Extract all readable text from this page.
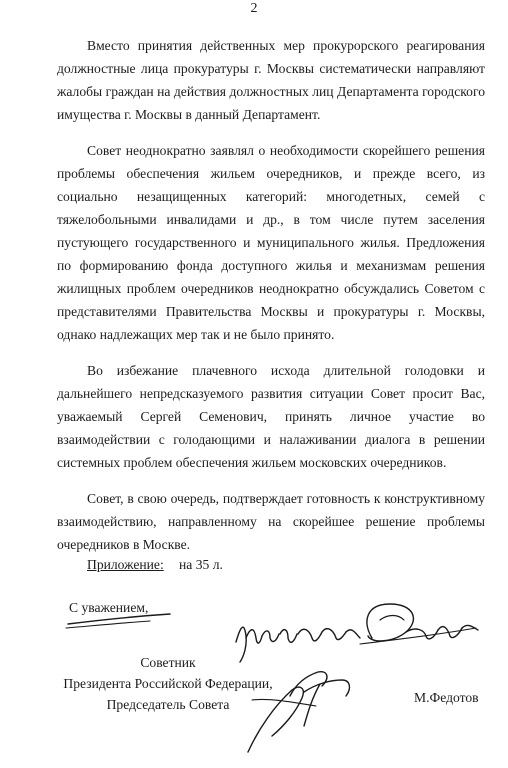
2

Вместо принятия действенных мер прокурорского реагирования должностные лица прокуратуры г. Москвы систематически направляют жалобы граждан на действия должностных лиц Департамента городского имущества г. Москвы в данный Департамент.

Совет неоднократно заявлял о необходимости скорейшего решения проблемы обеспечения жильем очередников, и прежде всего, из социально незащищенных категорий: многодетных, семей с тяжелобольными инвалидами и др., в том числе путем заселения пустующего государственного и муниципального жилья. Предложения по формированию фонда доступного жилья и механизмам решения жилищных проблем очередников неоднократно обсуждались Советом с представителями Правительства Москвы и прокуратуры г. Москвы, однако надлежащих мер так и не было принято.

Во избежание плачевного исхода длительной голодовки и дальнейшего непредсказуемого развития ситуации Совет просит Вас, уважаемый Сергей Семенович, принять личное участие во взаимодействии с голодающими и налаживании диалога в решении системных проблем обеспечения жильем московских очередников.

Совет, в свою очередь, подтверждает готовность к конструктивному взаимодействию, направленному на скорейшее решение проблемы очередников в Москве.

Приложение: на 35 л.
С уважением,
Советник
Президента Российской Федерации,
Председатель Совета	М.Федотов
